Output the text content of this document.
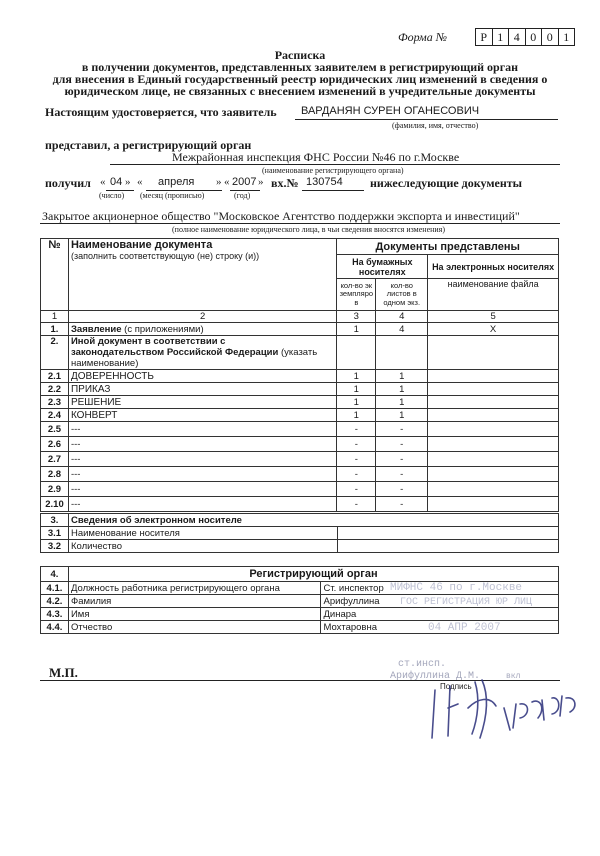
Форма №	Р 1 4 0 0 1
Расписка
в получении документов, представленных заявителем в регистрирующий орган
для внесения в Единый государственный реестр юридических лиц изменений в сведения о
юридическом лице, не связанных с внесением изменений в учредительные документы
Настоящим удостоверяется, что заявитель ВАРДАНЯН СУРЕН ОГАНЕСОВИЧ
(фамилия, имя, отчество)
представил, а регистрирующий орган
Межрайонная инспекция ФНС России №46 по г.Москве
(наименование регистрирующего органа)
получил « 04 » « апреля » « 2007 » вх.№ 130754 нижеследующие документы
(число) (месяц (прописью)	(год)
Закрытое акционерное общество "Московское Агентство поддержки экспорта и инвестиций"
(полное наименование юридического лица, в чьи сведения вносятся изменения)
№	Наименование документа
(заполнить соответствующую (не) строку (и))	Документы представлены		
		На бумажных носителях		На электронных носителях
		кол-во экземпляров	кол-во листов в одном экз.	наименование файла
1	2	3	4	5
1.	Заявление (с приложениями)	1	4	X
2.	Иной документ в соответствии с законодательством Российской Федерации (указать наименование)			
2.1	ДОВЕРЕННОСТЬ	1	1	
2.2	ПРИКАЗ	1	1	
2.3	РЕШЕНИЕ	1	1	
2.4	КОНВЕРТ	1	1	
2.5	---	-	-	
2.6	---	-	-	
2.7	---	-	-	
2.8	---	-	-	
2.9	---	-	-	
2.10	---	-	-	
3.	Сведения об электронном носителе	
3.1	Наименование носителя	
3.2	Количество	
4.	Регистрирующий орган	
4.1.	Должность работника регистрирующего органа	Ст. инспектор
4.2.	Фамилия	Арифуллина
4.3.	Имя	Динара
4.4.	Отчество	Мохтаровна
МИФНС 46 по г.Москве
ГОС РЕГИСТРАЦИЯ ЮР ЛИЦ
04 АПР 2007
ст.инсп.
Арифуллина Д.М.	вкл
М.П.
Подпись
